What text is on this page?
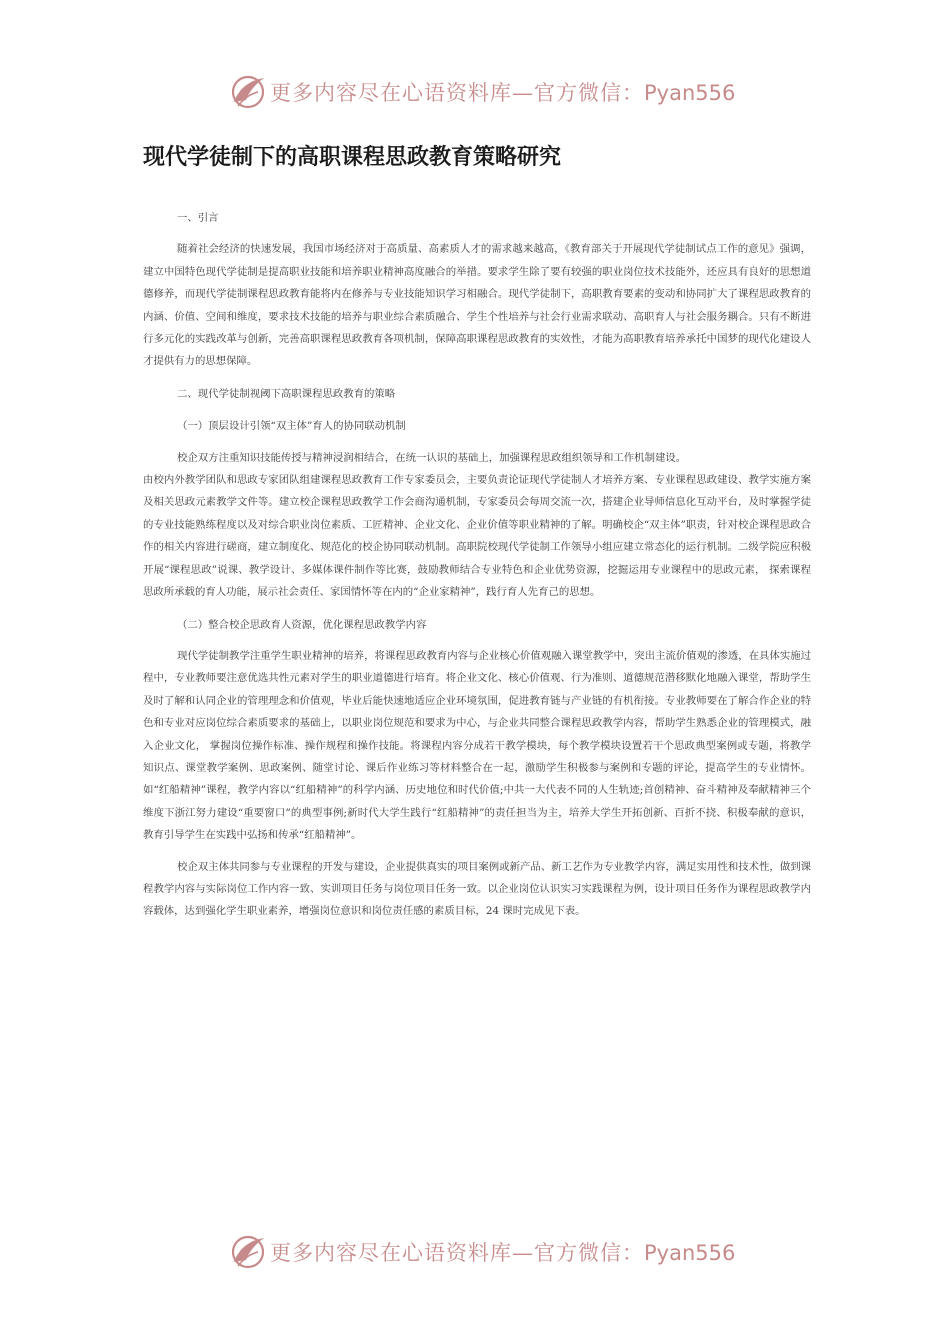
更多内容尽在心语资料库—官方微信：Pyan556
现代学徒制下的高职课程思政教育策略研究

一、引言

随着社会经济的快速发展，我国市场经济对于高质量、高素质人才的需求越来越高，《教育部关于开展现代学徒制试点工作的意见》强调，建立中国特色现代学徒制是提高职业技能和培养职业精神高度融合的举措。要求学生除了要有较强的职业岗位技术技能外，还应具有良好的思想道德修养，而现代学徒制课程思政教育能将内在修养与专业技能知识学习相融合。现代学徒制下，高职教育要素的变动和协同扩大了课程思政教育的内涵、价值、空间和维度，要求技术技能的培养与职业综合素质融合、学生个性培养与社会行业需求联动、高职育人与社会服务耦合。只有不断进行多元化的实践改革与创新，完善高职课程思政教育各项机制，保障高职课程思政教育的实效性，才能为高职教育培养承托中国梦的现代化建设人才提供有力的思想保障。

二、现代学徒制视阈下高职课程思政教育的策略

（一）顶层设计引领“双主体”育人的协同联动机制

校企双方注重知识技能传授与精神浸润相结合，在统一认识的基础上，加强课程思政组织领导和工作机制建设。

由校内外教学团队和思政专家团队组建课程思政教育工作专家委员会，主要负责论证现代学徒制人才培养方案、专业课程思政建设、教学实施方案及相关思政元素教学文件等。建立校企课程思政教学工作会商沟通机制，专家委员会每周交流一次，搭建企业导师信息化互动平台，及时掌握学徒的专业技能熟练程度以及对综合职业岗位素质、工匠精神、企业文化、企业价值等职业精神的了解。明确校企“双主体”职责，针对校企课程思政合作的相关内容进行磋商，建立制度化、规范化的校企协同联动机制。高职院校现代学徒制工作领导小组应建立常态化的运行机制。二级学院应积极开展“课程思政”说课、教学设计、多媒体课件制作等比赛，鼓励教师结合专业特色和企业优势资源，挖掘运用专业课程中的思政元素， 探索课程思政所承载的育人功能，展示社会责任、家国情怀等在内的“企业家精神”，践行育人先育己的思想。

（二）整合校企思政育人资源，优化课程思政教学内容

现代学徒制教学注重学生职业精神的培养，将课程思政教育内容与企业核心价值观融入课堂教学中，突出主流价值观的渗透，在具体实施过程中，专业教师要注意优选共性元素对学生的职业道德进行培育。将企业文化、核心价值观、行为准则、道德规范潜移默化地融入课堂，帮助学生及时了解和认同企业的管理理念和价值观，毕业后能快速地适应企业环境氛围，促进教育链与产业链的有机衔接。专业教师要在了解合作企业的特色和专业对应岗位综合素质要求的基础上，以职业岗位规范和要求为中心，与企业共同整合课程思政教学内容，帮助学生熟悉企业的管理模式，融入企业文化， 掌握岗位操作标准、操作规程和操作技能。将课程内容分成若干教学模块，每个教学模块设置若干个思政典型案例或专题，将教学知识点、课堂教学案例、思政案例、随堂讨论、课后作业练习等材料整合在一起，激励学生积极参与案例和专题的评论，提高学生的专业情怀。如“红船精神”课程，教学内容以“红船精神”的科学内涵、历史地位和时代价值;中共一大代表不同的人生轨迹;首创精神、奋斗精神及奉献精神三个维度下浙江努力建设“重要窗口”的典型事例;新时代大学生践行“红船精神”的责任担当为主，培养大学生开拓创新、百折不挠、积极奉献的意识，教育引导学生在实践中弘扬和传承“红船精神”。

校企双主体共同参与专业课程的开发与建设，企业提供真实的项目案例或新产品、新工艺作为专业教学内容，满足实用性和技术性，做到课程教学内容与实际岗位工作内容一致、实训项目任务与岗位项目任务一致。以企业岗位认识实习实践课程为例，设计项目任务作为课程思政教学内容载体，达到强化学生职业素养，增强岗位意识和岗位责任感的素质目标，24 课时完成见下表。

更多内容尽在心语资料库—官方微信：Pyan556
